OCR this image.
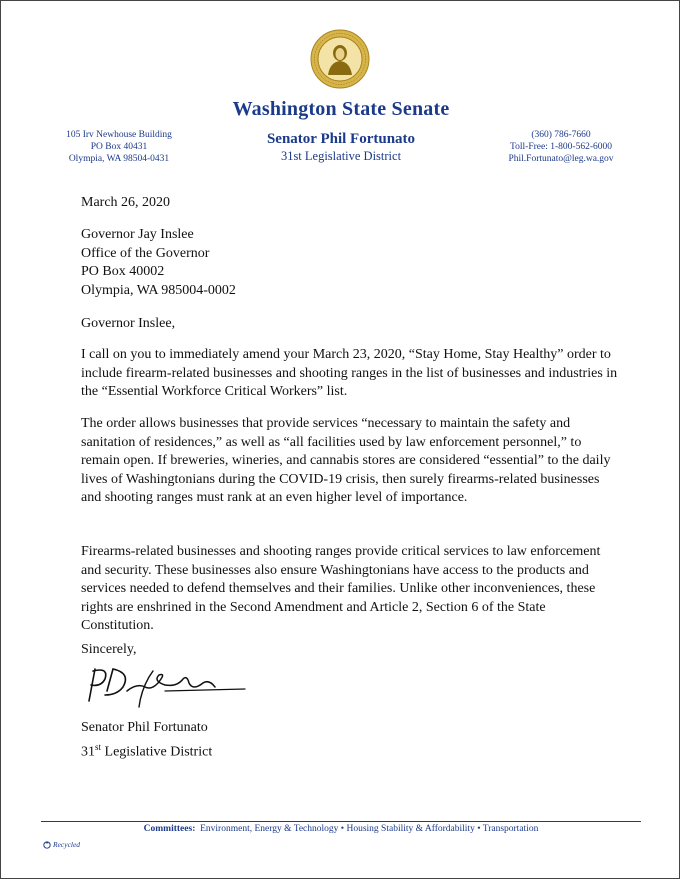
Washington State Senate
105 Irv Newhouse Building
PO Box 40431
Olympia, WA 98504-0431
Senator Phil Fortunato
31st Legislative District
(360) 786-7660
Toll-Free: 1-800-562-6000
Phil.Fortunato@leg.wa.gov
March 26, 2020
Governor Jay Inslee
Office of the Governor
PO Box 40002
Olympia, WA 985004-0002
Governor Inslee,
I call on you to immediately amend your March 23, 2020, “Stay Home, Stay Healthy” order to include firearm-related businesses and shooting ranges in the list of businesses and industries in the “Essential Workforce Critical Workers” list.
The order allows businesses that provide services “necessary to maintain the safety and sanitation of residences,” as well as “all facilities used by law enforcement personnel,” to remain open. If breweries, wineries, and cannabis stores are considered “essential” to the daily lives of Washingtonians during the COVID-19 crisis, then surely firearms-related businesses and shooting ranges must rank at an even higher level of importance.
Firearms-related businesses and shooting ranges provide critical services to law enforcement and security. These businesses also ensure Washingtonians have access to the products and services needed to defend themselves and their families. Unlike other inconveniences, these rights are enshrined in the Second Amendment and Article 2, Section 6 of the State Constitution.
Sincerely,
Senator Phil Fortunato
31st Legislative District
Committees: Environment, Energy & Technology • Housing Stability & Affordability • Transportation
Recycled
